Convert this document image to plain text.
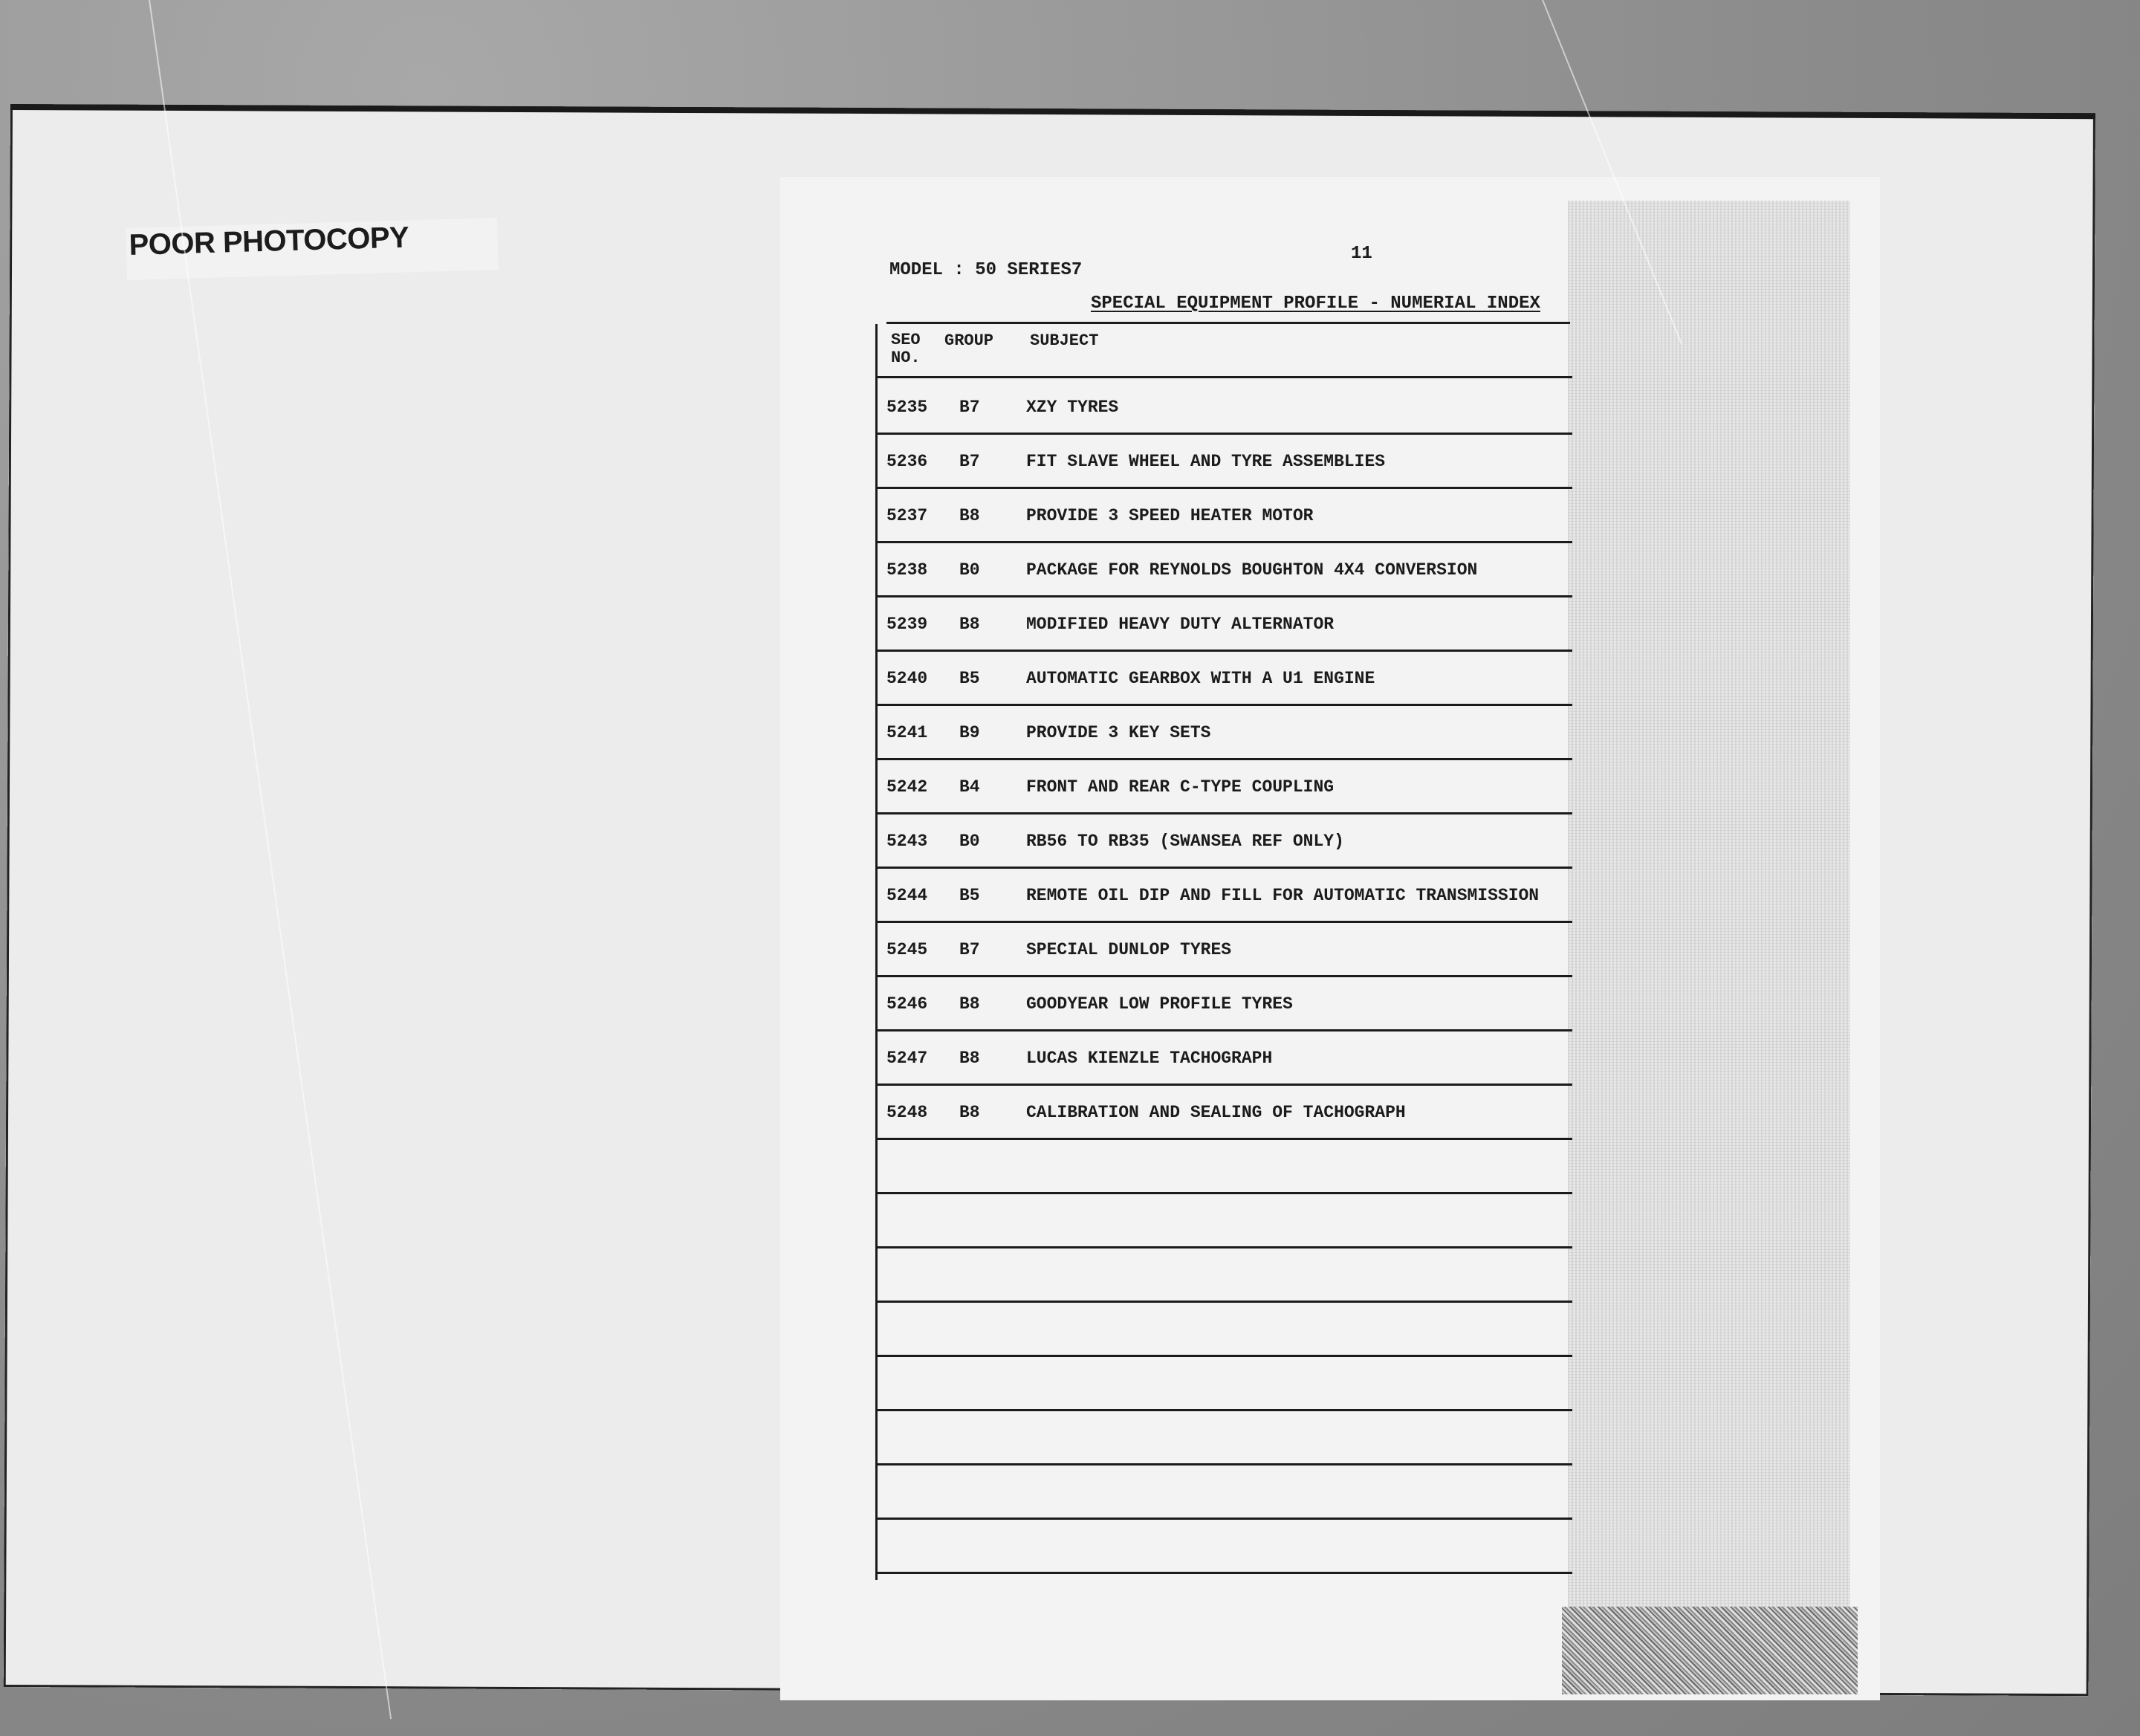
POOR PHOTOCOPY
MODEL : 50 SERIES7
11
SPECIAL EQUIPMENT PROFILE - NUMERIAL INDEX
SEO NO.
GROUP SUBJECT
5235 B7	XZY TYRES
5236 B7	FIT SLAVE WHEEL AND TYRE ASSEMBLIES
5237 B8	PROVIDE 3 SPEED HEATER MOTOR
5238 B0	PACKAGE FOR REYNOLDS BOUGHTON 4X4 CONVERSION
5239 B8	MODIFIED HEAVY DUTY ALTERNATOR
5240 B5	AUTOMATIC GEARBOX WITH A U1 ENGINE
5241 B9	PROVIDE 3 KEY SETS
5242 B4	FRONT AND REAR C-TYPE COUPLING
5243 B0	RB56 TO RB35 (SWANSEA REF ONLY)
5244 B5	REMOTE OIL DIP AND FILL FOR AUTOMATIC TRANSMISSION
5245 B7	SPECIAL DUNLOP TYRES
5246 B8	GOODYEAR LOW PROFILE TYRES
5247 B8	LUCAS KIENZLE TACHOGRAPH
5248 B8	CALIBRATION AND SEALING OF TACHOGRAPH
